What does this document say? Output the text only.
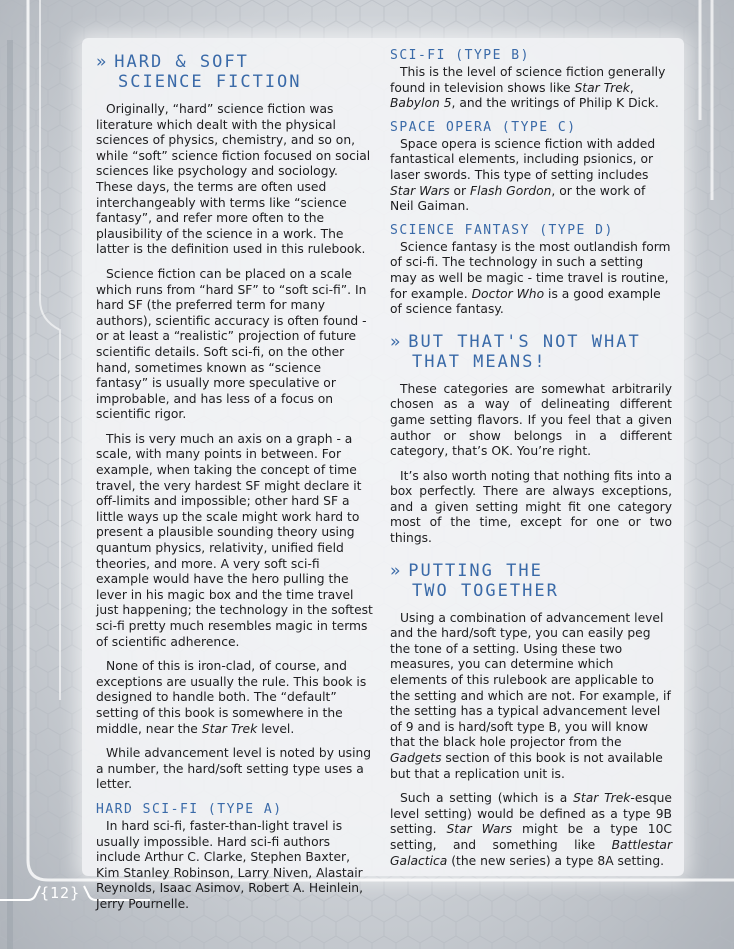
» HARD & SOFT
SCIENCE FICTION

Originally, “hard” science fiction was literature which dealt with the physical sciences of physics, chemistry, and so on, while “soft” science fiction focused on social sciences like psychology and sociology. These days, the terms are often used interchangeably with terms like “science fantasy”, and refer more often to the plausibility of the science in a work. The latter is the definition used in this rulebook.

Science fiction can be placed on a scale which runs from “hard SF” to “soft sci-fi”. In hard SF (the preferred term for many authors), scientific accuracy is often found - or at least a “realistic” projection of future scientific details. Soft sci-fi, on the other hand, sometimes known as “science fantasy” is usually more speculative or improbable, and has less of a focus on scientific rigor.

This is very much an axis on a graph - a scale, with many points in between. For example, when taking the concept of time travel, the very hardest SF might declare it off-limits and impossible; other hard SF a little ways up the scale might work hard to present a plausible sounding theory using quantum physics, relativity, unified field theories, and more. A very soft sci-fi example would have the hero pulling the lever in his magic box and the time travel just happening; the technology in the softest sci-fi pretty much resembles magic in terms of scientific adherence.

None of this is iron-clad, of course, and exceptions are usually the rule. This book is designed to handle both. The “default” setting of this book is somewhere in the middle, near the Star Trek level.

While advancement level is noted by using a number, the hard/soft setting type uses a letter.

HARD SCI-FI (TYPE A)

In hard sci-fi, faster-than-light travel is usually impossible. Hard sci-fi authors include Arthur C. Clarke, Stephen Baxter, Kim Stanley Robinson, Larry Niven, Alastair Reynolds, Isaac Asimov, Robert A. Heinlein, Jerry Pournelle.

SCI-FI (TYPE B)

This is the level of science fiction generally found in television shows like Star Trek, Babylon 5, and the writings of Philip K Dick.

SPACE OPERA (TYPE C)

Space opera is science fiction with added fantastical elements, including psionics, or laser swords. This type of setting includes Star Wars or Flash Gordon, or the work of Neil Gaiman.

SCIENCE FANTASY (TYPE D)

Science fantasy is the most outlandish form of sci-fi. The technology in such a setting may as well be magic - time travel is routine, for example. Doctor Who is a good example of science fantasy.

» BUT THAT'S NOT WHAT
THAT MEANS!

These categories are somewhat arbitrarily chosen as a way of delineating different game setting flavors. If you feel that a given author or show belongs in a different category, that’s OK. You’re right.

It’s also worth noting that nothing fits into a box perfectly. There are always exceptions, and a given setting might fit one category most of the time, except for one or two things.

» PUTTING THE
TWO TOGETHER

Using a combination of advancement level and the hard/soft type, you can easily peg the tone of a setting. Using these two measures, you can determine which elements of this rulebook are applicable to the setting and which are not. For example, if the setting has a typical advancement level of 9 and is hard/soft type B, you will know that the black hole projector from the Gadgets section of this book is not available but that a replication unit is.

Such a setting (which is a Star Trek-esque level setting) would be defined as a type 9B setting. Star Wars might be a type 10C setting, and something like Battlestar Galactica (the new series) a type 8A setting.

{12}
